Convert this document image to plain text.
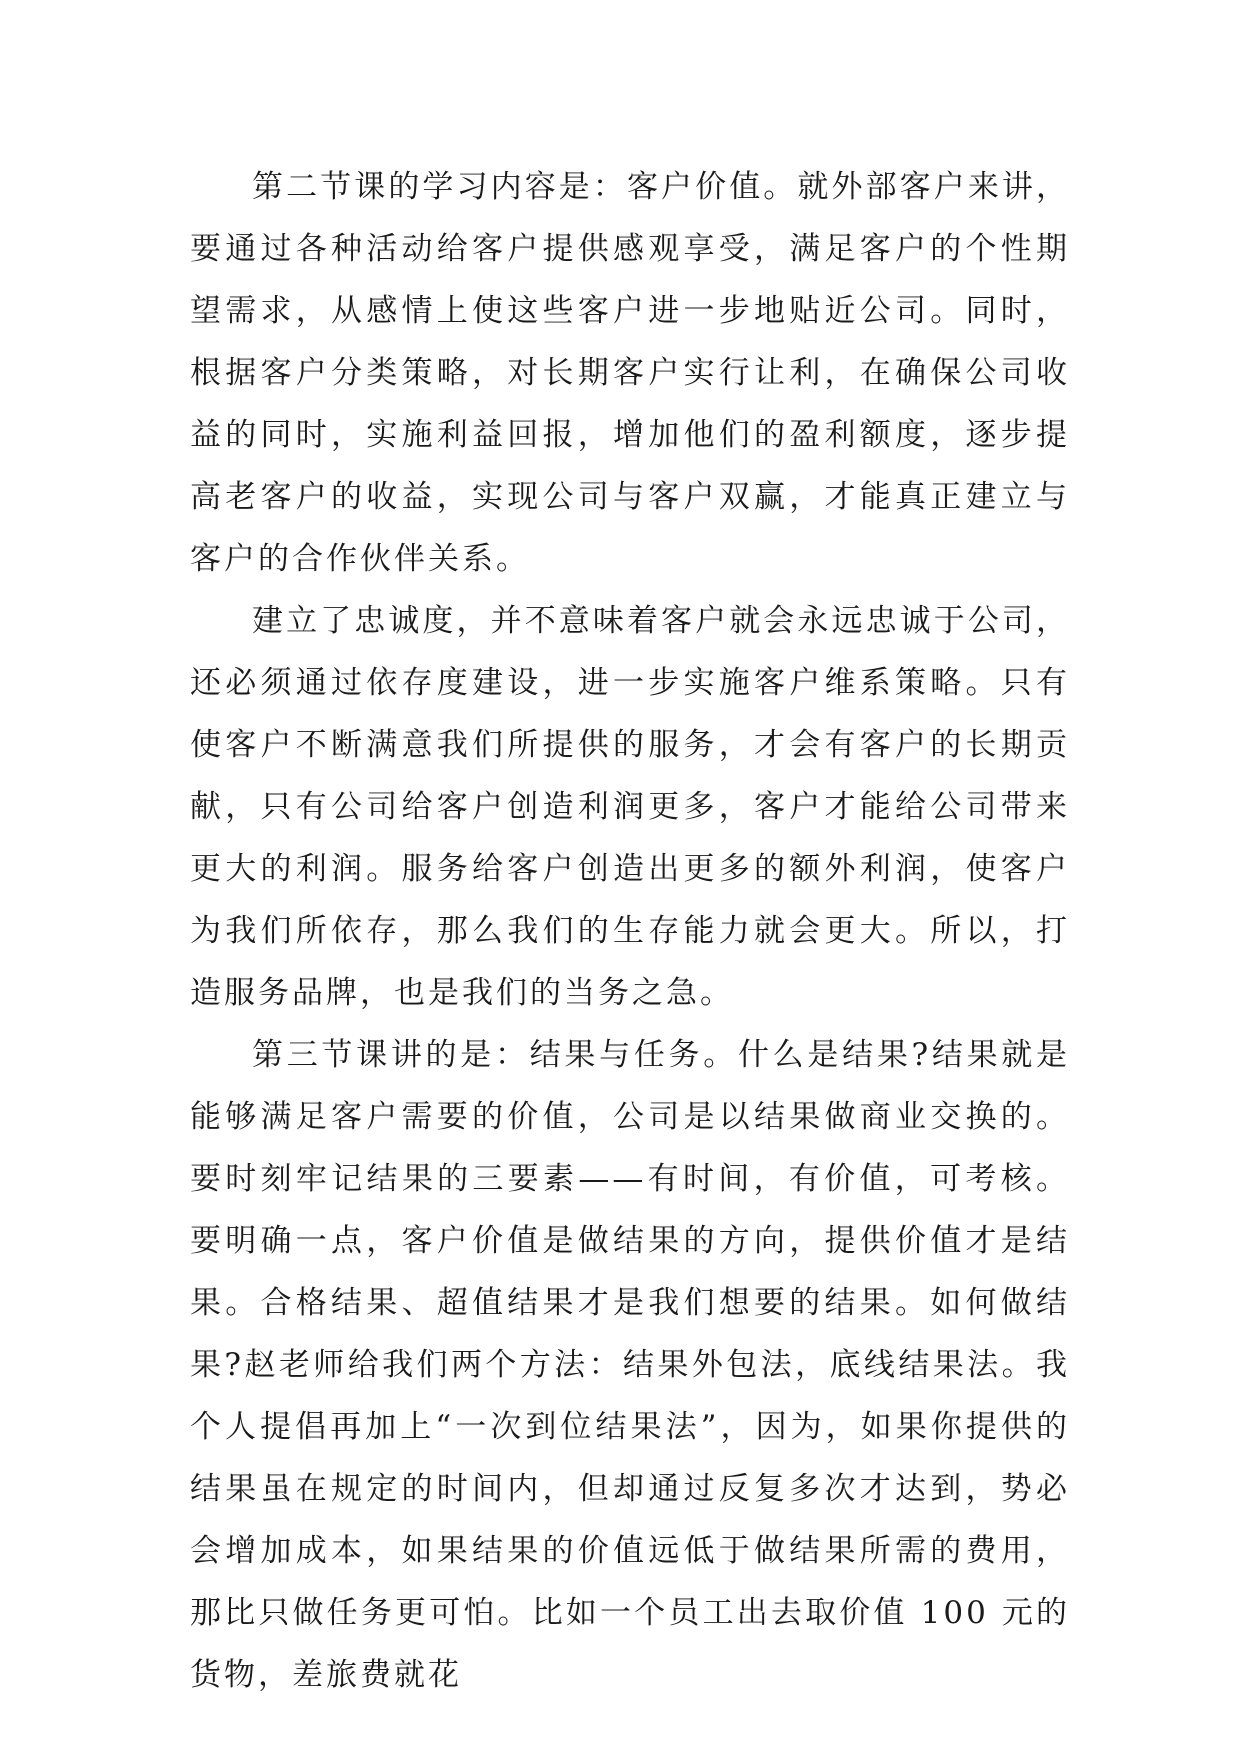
第二节课的学习内容是：客户价值。就外部客户来讲，要通过各种活动给客户提供感观享受，满足客户的个性期望需求，从感情上使这些客户进一步地贴近公司。同时，根据客户分类策略，对长期客户实行让利，在确保公司收益的同时，实施利益回报，增加他们的盈利额度，逐步提高老客户的收益，实现公司与客户双赢，才能真正建立与客户的合作伙伴关系。

建立了忠诚度，并不意味着客户就会永远忠诚于公司，还必须通过依存度建设，进一步实施客户维系策略。只有使客户不断满意我们所提供的服务，才会有客户的长期贡献，只有公司给客户创造利润更多，客户才能给公司带来更大的利润。服务给客户创造出更多的额外利润，使客户为我们所依存，那么我们的生存能力就会更大。所以，打造服务品牌，也是我们的当务之急。

第三节课讲的是：结果与任务。什么是结果?结果就是能够满足客户需要的价值，公司是以结果做商业交换的。要时刻牢记结果的三要素——有时间，有价值，可考核。要明确一点，客户价值是做结果的方向，提供价值才是结果。合格结果、超值结果才是我们想要的结果。如何做结果?赵老师给我们两个方法：结果外包法，底线结果法。我个人提倡再加上“一次到位结果法”，因为，如果你提供的结果虽在规定的时间内，但却通过反复多次才达到，势必会增加成本，如果结果的价值远低于做结果所需的费用，那比只做任务更可怕。比如一个员工出去取价值 100 元的货物，差旅费就花
